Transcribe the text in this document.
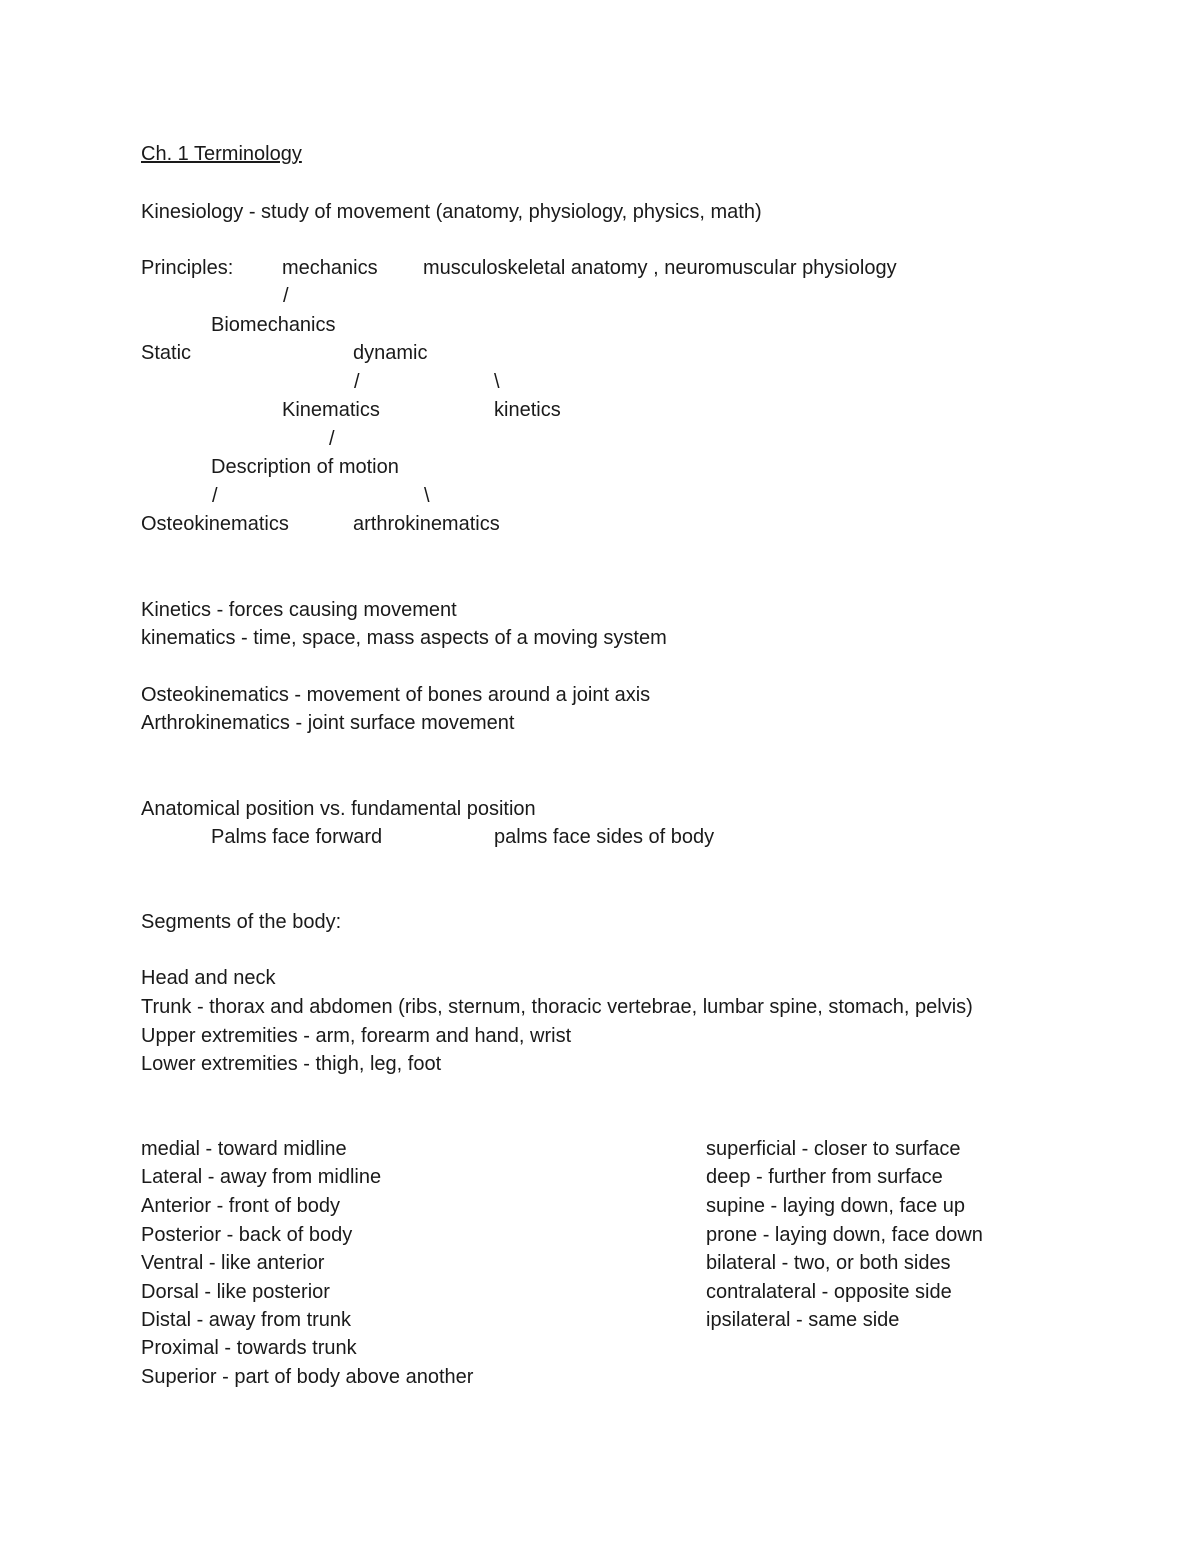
Ch. 1 Terminology
Kinesiology - study of movement (anatomy, physiology, physics, math)
Principles: mechanics musculoskeletal anatomy , neuromuscular physiology
/
Biomechanics
Static	dynamic
/	\
Kinematics	kinetics
/
Description of motion
/	\
Osteokinematics	arthrokinematics
Kinetics - forces causing movement
kinematics - time, space, mass aspects of a moving system
Osteokinematics - movement of bones around a joint axis
Arthrokinematics - joint surface movement
Anatomical position vs. fundamental position
Palms face forward	palms face sides of body
Segments of the body:
Head and neck
Trunk - thorax and abdomen (ribs, sternum, thoracic vertebrae, lumbar spine, stomach, pelvis)
Upper extremities - arm, forearm and hand, wrist
Lower extremities - thigh, leg, foot
medial - toward midline
Lateral - away from midline
Anterior - front of body
Posterior - back of body
Ventral - like anterior
Dorsal - like posterior
Distal - away from trunk
Proximal - towards trunk
Superior - part of body above another
superficial - closer to surface
deep - further from surface
supine - laying down, face up
prone - laying down, face down
bilateral - two, or both sides
contralateral - opposite side
ipsilateral - same side
